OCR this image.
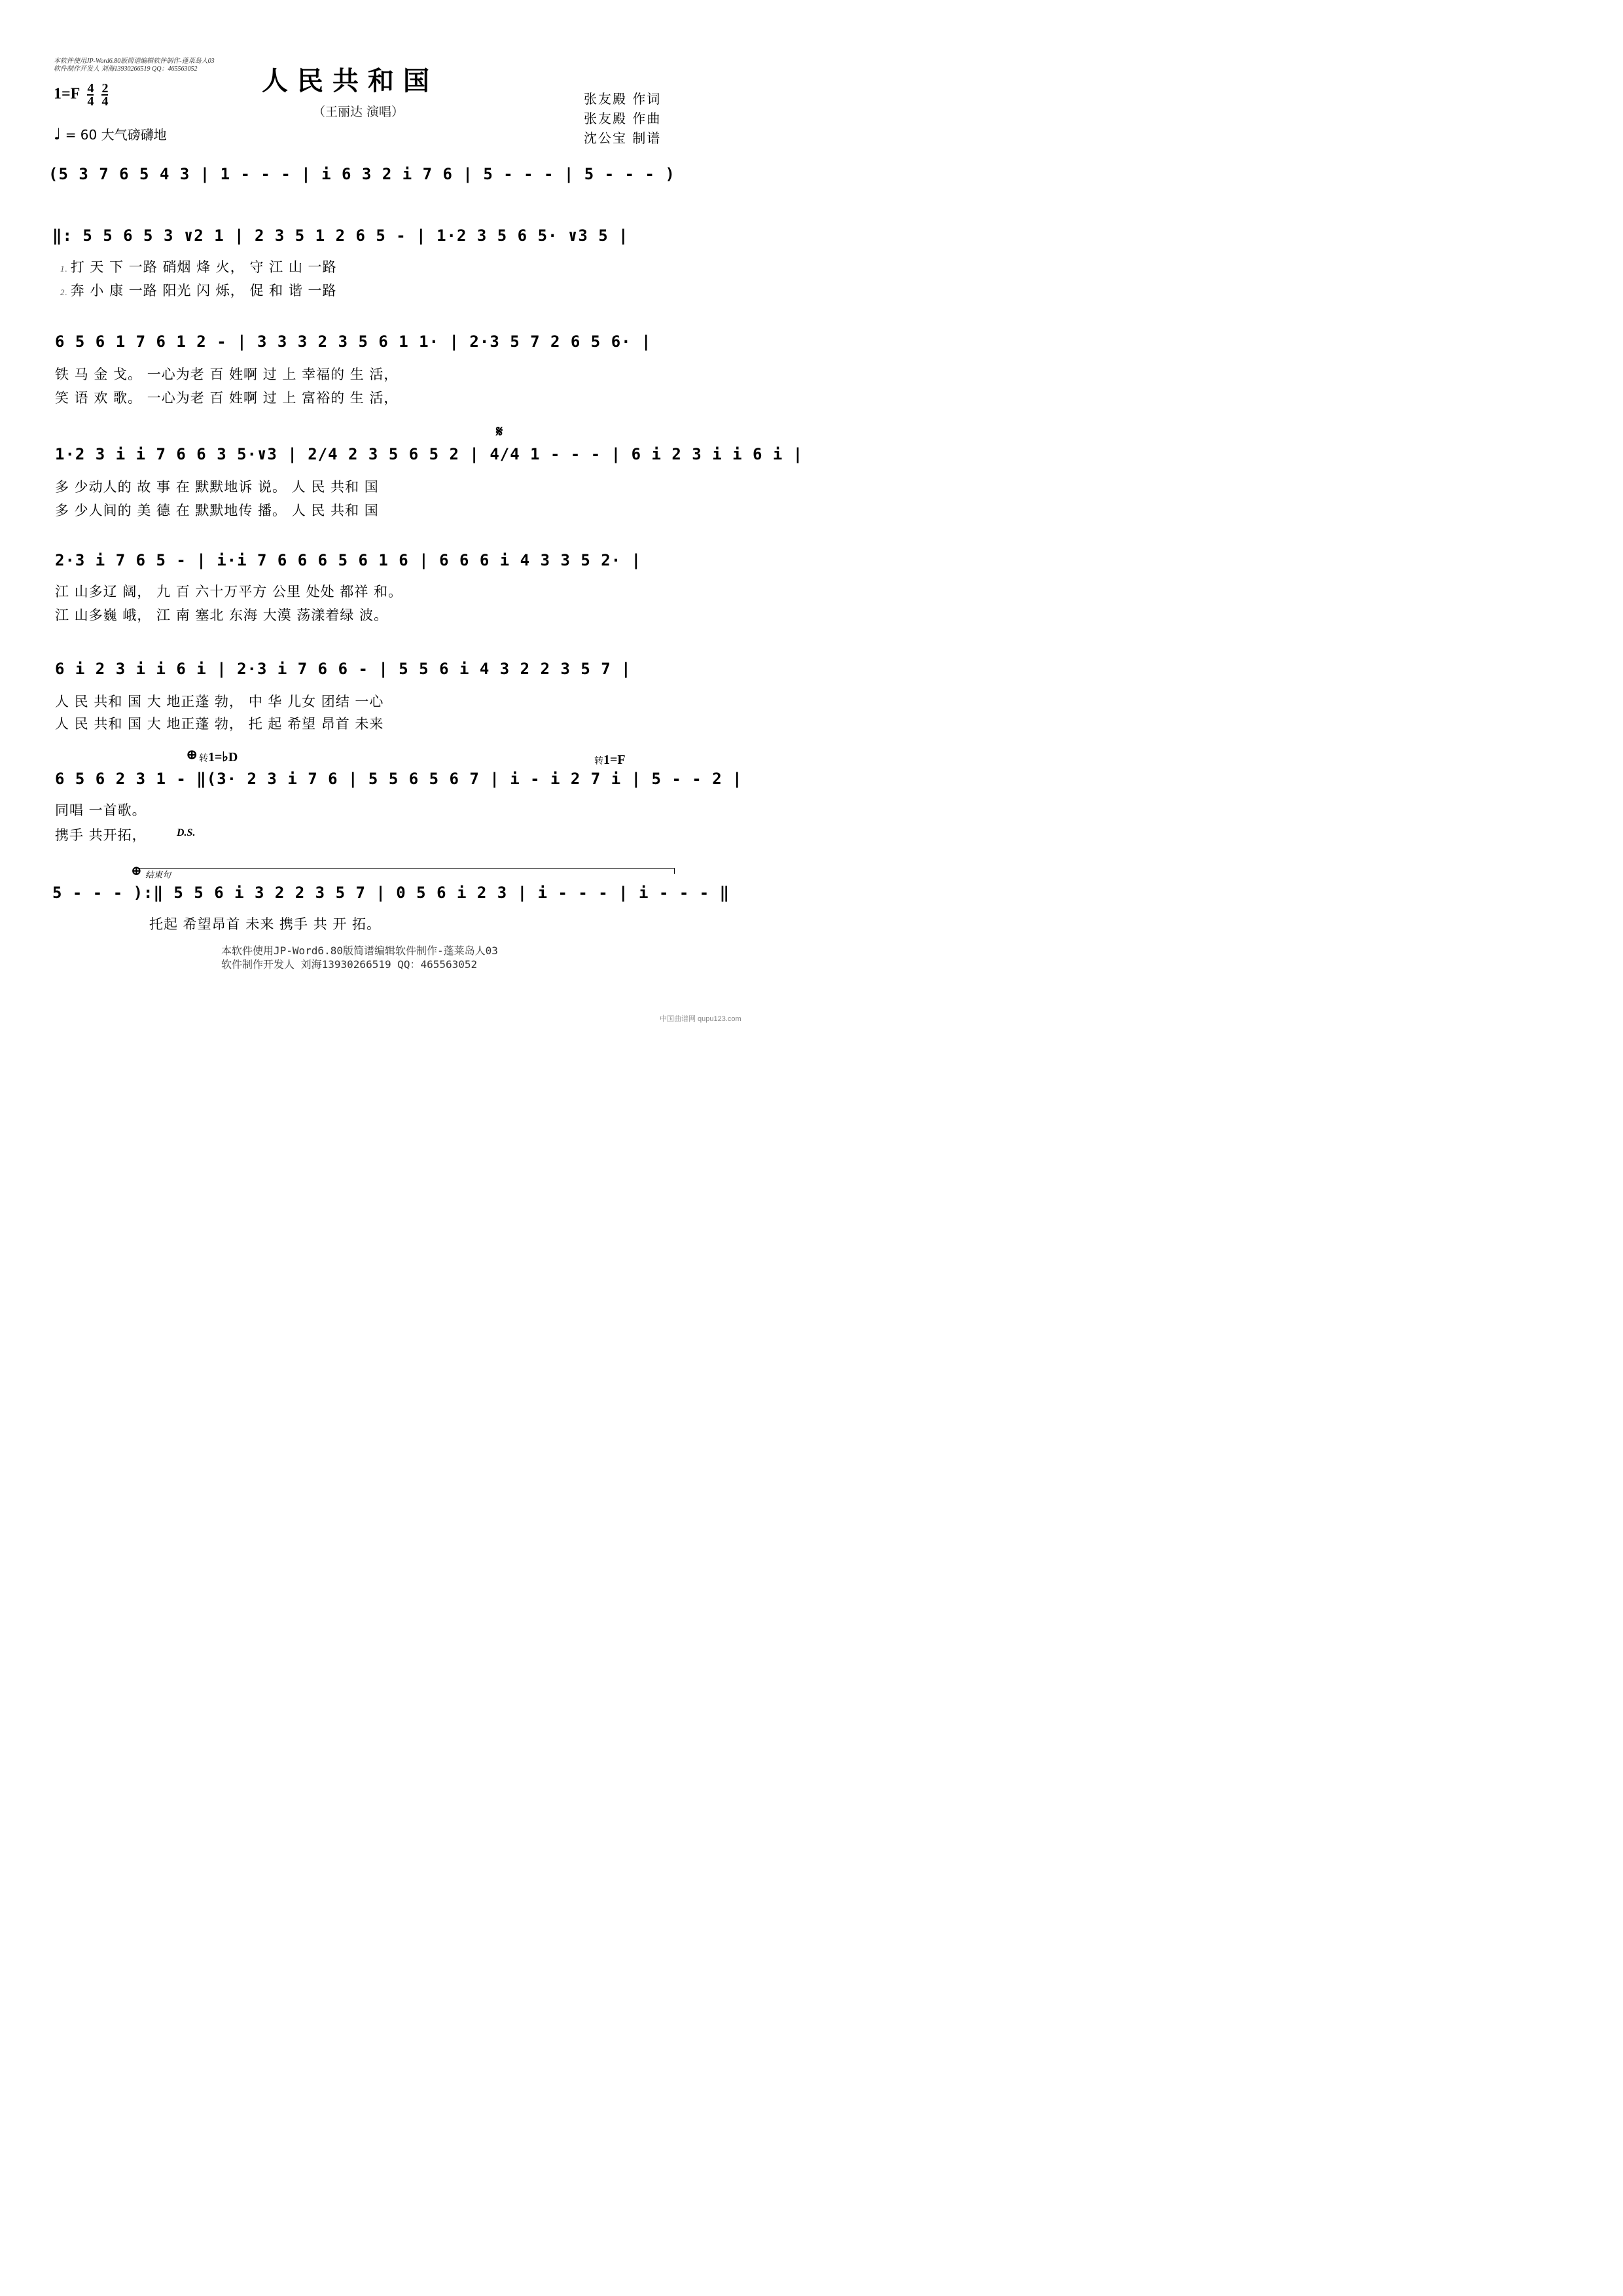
本软件使用JP-Word6.80版简谱编辑软件制作-蓬莱岛人03
软件制作开发人 刘海13930266519 QQ：465563052	人民共和国
（王丽达 演唱）
$1=F \frac{4}{4}$
$\frac{2}{4}$
♩ = 60 大气磅礴地
张友殿 作词
张友殿 作曲
沈公宝 制谱
(5 3 7 6 5 4 3 | 1 - - - | i 6 3 2 i 7 6 | 5 - - - | 5 - - - )
‖: 5 5 6 5 3 ∨2 1 | 2 3 5 1 2 6 5 - | 1·2 3 5 6 5· ∨3 5 |
1. 打 天 下 一路 硝烟 烽 火， 守 江 山 一路
2. 奔 小 康 一路 阳光 闪 烁， 促 和 谐 一路
6 5 6 1 7 6 1 2 - | 3 3 3 2 3 5 6 1 1· | 2·3 5 7 2 6 5 6· |
铁 马 金 戈。 一心为老 百 姓啊 过 上 幸福的 生 活，
笑 语 欢 歌。 一心为老 百 姓啊 过 上 富裕的 生 活，
𝄋
1·2 3 i i 7 6 6 3 5·∨3 | 2/4 2 3 5 6 5 2 | 4/4 1 - - - | 6 i 2 3 i i 6 i |
多 少动人的 故 事 在 默默地诉 说。 人 民 共和 国
多 少人间的 美 德 在 默默地传 播。 人 民 共和 国
2·3 i 7 6 5 - | i·i 7 6 6 6 5 6 1 6 | 6 6 6 i 4 3 3 5 2· |
江 山多辽 阔， 九 百 六十万平方 公里 处处 都祥 和。
江 山多巍 峨， 江 南 塞北 东海 大漠 荡漾着绿 波。
6 i 2 3 i i 6 i | 2·3 i 7 6 6 - | 5 5 6 i 4 3 2 2 3 5 7 |
人 民 共和 国 大 地正蓬 勃， 中 华 儿女 团结 一心
人 民 共和 国 大 地正蓬 勃， 托 起 希望 昂首 未来
⊕ 转1=♭D	转1=F
6 5 6 2 3 1 - ‖(3· 2 3 i 7 6 | 5 5 6 5 6 7 | i - i 2 7 i | 5 - - 2 |
同唱 一首歌。
携手 共开拓，	D.S.
⊕ 结束句
5 - - - ):‖ 5 5 6 i 3 2 2 3 5 7 | 0 5 6 i 2 3 | i - - - | i - - - ‖
托起 希望昂首 未来 携手 共 开 拓。
本软件使用JP-Word6.80版简谱编辑软件制作-蓬莱岛人03
软件制作开发人 刘海13930266519 QQ：465563052
中国曲谱网 qupu123.com
